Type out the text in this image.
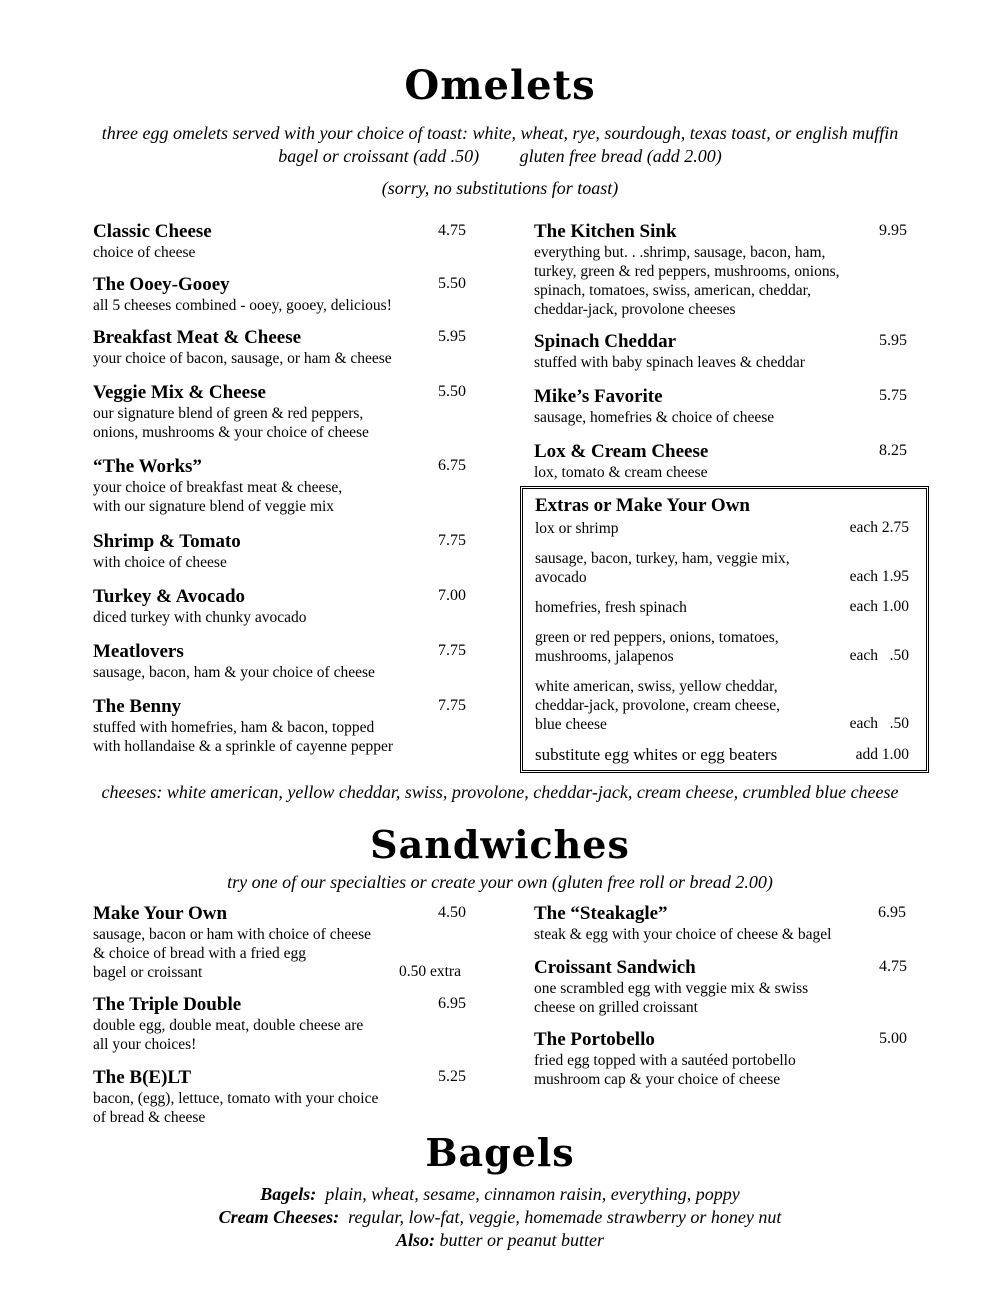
Omelets
three egg omelets served with your choice of toast: white, wheat, rye, sourdough, texas toast, or english muffin
bagel or croissant (add .50)         gluten free bread (add 2.00)
(sorry, no substitutions for toast)
Classic Cheese	4.75
choice of cheese
The Ooey-Gooey	5.50
all 5 cheeses combined - ooey, gooey, delicious!
Breakfast Meat & Cheese	5.95
your choice of bacon, sausage, or ham & cheese
Veggie Mix & Cheese	5.50
our signature blend of green & red peppers,
onions, mushrooms & your choice of cheese
“The Works”	6.75
your choice of breakfast meat & cheese,
with our signature blend of veggie mix
Shrimp & Tomato	7.75
with choice of cheese
Turkey & Avocado	7.00
diced turkey with chunky avocado
Meatlovers	7.75
sausage, bacon, ham & your choice of cheese
The Benny	7.75
stuffed with homefries, ham & bacon, topped
with hollandaise & a sprinkle of cayenne pepper
The Kitchen Sink	9.95
everything but. . .shrimp, sausage, bacon, ham,
turkey, green & red peppers, mushrooms, onions,
spinach, tomatoes, swiss, american, cheddar,
cheddar-jack, provolone cheeses
Spinach Cheddar	5.95
stuffed with baby spinach leaves & cheddar
Mike’s Favorite	5.75
sausage, homefries & choice of cheese
Lox & Cream Cheese	8.25
lox, tomato & cream cheese
Extras or Make Your Own
lox or shrimp	each 2.75
sausage, bacon, turkey, ham, veggie mix,
avocado	each 1.95
homefries, fresh spinach	each 1.00
green or red peppers, onions, tomatoes,
mushrooms, jalapenos	each   .50
white american, swiss, yellow cheddar,
cheddar-jack, provolone, cream cheese,
blue cheese	each   .50
substitute egg whites or egg beaters	add 1.00
cheeses: white american, yellow cheddar, swiss, provolone, cheddar-jack, cream cheese, crumbled blue cheese
Sandwiches
try one of our specialties or create your own (gluten free roll or bread 2.00)
Make Your Own	4.50
sausage, bacon or ham with choice of cheese
& choice of bread with a fried egg
bagel or croissant	0.50 extra
The Triple Double	6.95
double egg, double meat, double cheese are
all your choices!
The B(E)LT	5.25
bacon, (egg), lettuce, tomato with your choice
of bread & cheese
The “Steakagle”	6.95
steak & egg with your choice of cheese & bagel
Croissant Sandwich	4.75
one scrambled egg with veggie mix & swiss
cheese on grilled croissant
The Portobello	5.00
fried egg topped with a sautéed portobello
mushroom cap & your choice of cheese
Bagels
Bagels:  plain, wheat, sesame, cinnamon raisin, everything, poppy
Cream Cheeses:  regular, low-fat, veggie, homemade strawberry or honey nut
Also: butter or peanut butter
